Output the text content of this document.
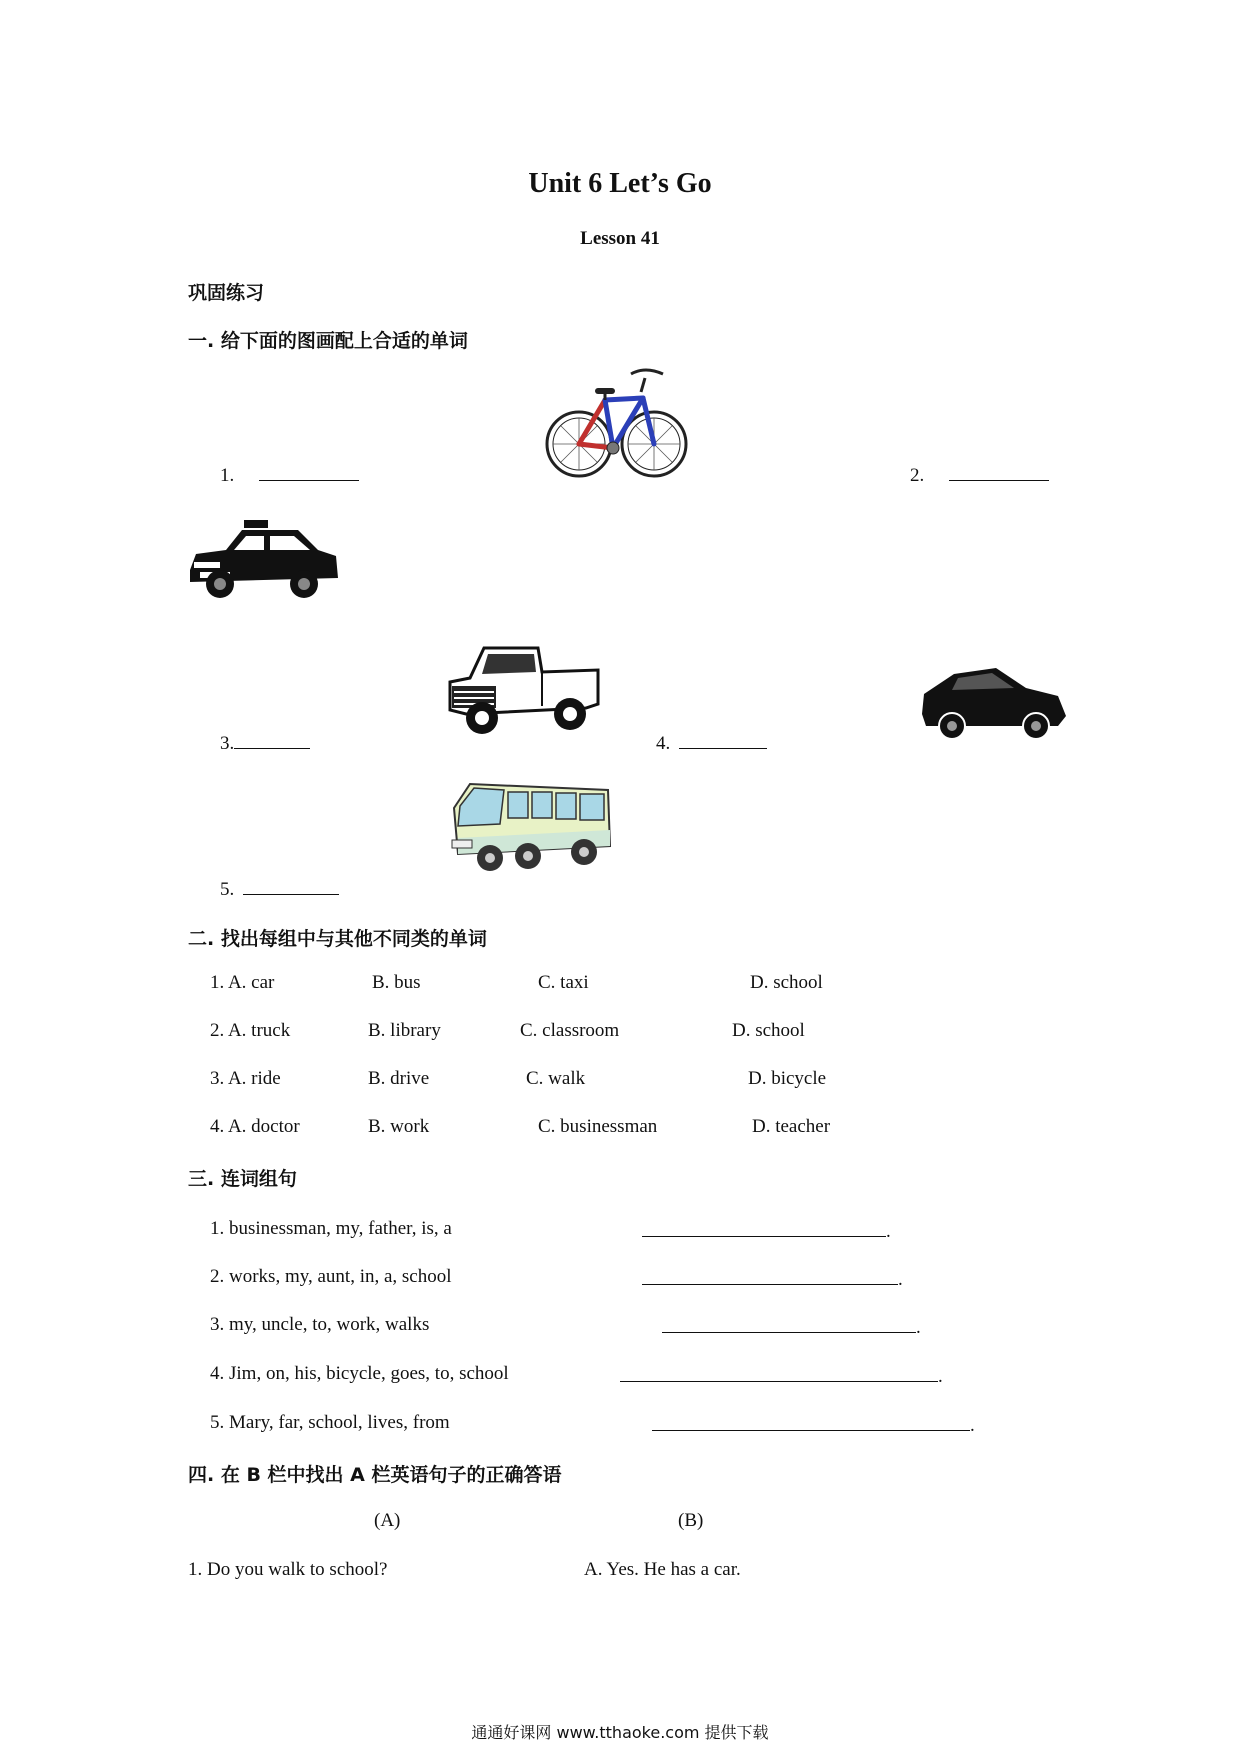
Unit 6 Let’s Go
Lesson 41
巩固练习
一. 给下面的图画配上合适的单词
1.	2.
3.	4.
5.
二. 找出每组中与其他不同类的单词
1. A. car	B. bus	C. taxi	D. school
2. A. truck	B. library	C. classroom	D. school
3. A. ride	B. drive	C. walk	D. bicycle
4. A. doctor	B. work	C. businessman	D. teacher
三. 连词组句
1. businessman, my, father, is, a	.
2. works, my, aunt, in, a, school	.
3. my, uncle, to, work, walks	.
4. Jim, on, his, bicycle, goes, to, school	.
5. Mary, far, school, lives, from	.
四. 在 B 栏中找出 A 栏英语句子的正确答语
(A)	(B)
1. Do you walk to school?	A. Yes. He has a car.
通通好课网 www.tthaoke.com 提供下载
